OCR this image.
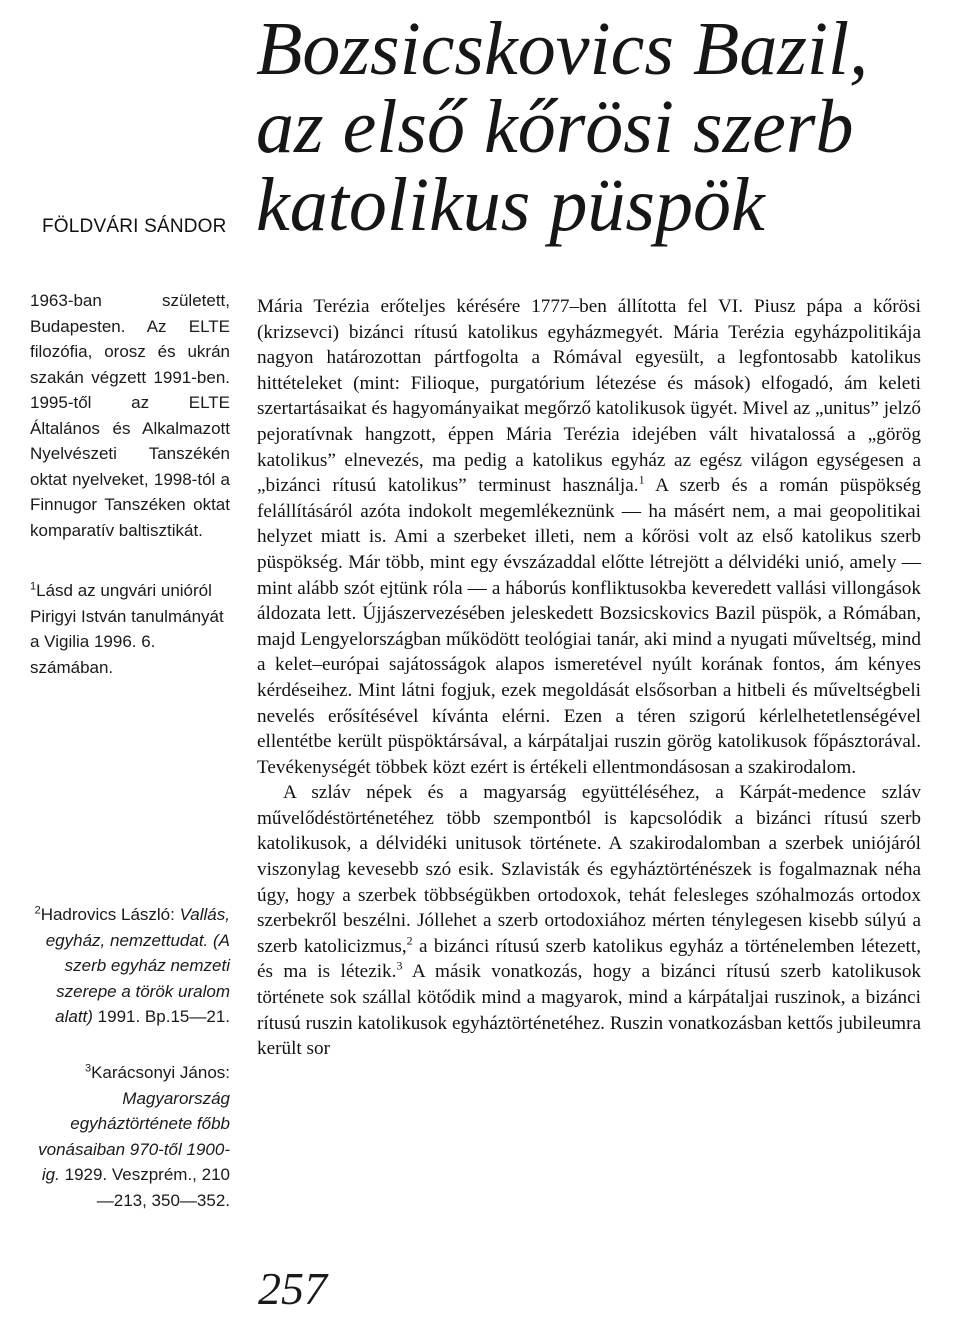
FÖLDVÁRI SÁNDOR
Bozsicskovics Bazil,
az első kőrösi szerb
katolikus püspök
1963-ban született, Budapesten. Az ELTE filozófia, orosz és ukrán szakán végzett 1991-ben. 1995-től az ELTE Általános és Alkalmazott Nyelvészeti Tanszékén oktat nyelveket, 1998-tól a Finnugor Tanszéken oktat komparatív baltisztikát.
$^1$Lásd az ungvári unióról Pirigyi István tanulmányát a Vigilia 1996. 6. számában.
$^2$Hadrovics László: Vallás, egyház, nemzettudat. (A szerb egyház nemzeti szerepe a török uralom alatt) 1991. Bp.15—21.
$^3$Karácsonyi János: Magyarország egyháztörténete főbb vonásaiban 970-től 1900-ig. 1929. Veszprém., 210—213, 350—352.

Mária Terézia erőteljes kérésére 1777–ben állította fel VI. Piusz pápa a kőrösi (krizsevci) bizánci rítusú katolikus egyházmegyét. Mária Terézia egyházpolitikája nagyon határozottan pártfogolta a Rómával egyesült, a legfontosabb katolikus hittételeket (mint: Filioque, purgatórium létezése és mások) elfogadó, ám keleti szertartásaikat és hagyományaikat megőrző katolikusok ügyét. Mivel az „unitus” jelző pejoratívnak hangzott, éppen Mária Terézia idejében vált hivatalossá a „görög katolikus” elnevezés, ma pedig a katolikus egyház az egész világon egységesen a „bizánci rítusú katolikus” terminust használja.$^1$ A szerb és a román püspökség felállításáról azóta indokolt megemlékeznünk — ha másért nem, a mai geopolitikai helyzet miatt is. Ami a szerbeket illeti, nem a kőrösi volt az első katolikus szerb püspökség. Már több, mint egy évszázaddal előtte létrejött a délvidéki unió, amely — mint alább szót ejtünk róla — a háborús konfliktusokba keveredett vallási villongások áldozata lett. Újjászervezésében jeleskedett Bozsicskovics Bazil püspök, a Rómában, majd Lengyelországban működött teológiai tanár, aki mind a nyugati műveltség, mind a kelet–európai sajátosságok alapos ismeretével nyúlt korának fontos, ám kényes kérdéseihez. Mint látni fogjuk, ezek megoldását elsősorban a hitbeli és műveltségbeli nevelés erősítésével kívánta elérni. Ezen a téren szigorú kérlelhetetlenségével ellentétbe került püspöktársával, a kárpátaljai ruszin görög katolikusok főpásztorával. Tevékenységét többek közt ezért is értékeli ellentmondásosan a szakirodalom.

A szláv népek és a magyarság együttéléséhez, a Kárpát-medence szláv művelődéstörténetéhez több szempontból is kapcsolódik a bizánci rítusú szerb katolikusok, a délvidéki unitusok története. A szakirodalomban a szerbek uniójáról viszonylag kevesebb szó esik. Szlavisták és egyháztörténészek is fogalmaznak néha úgy, hogy a szerbek többségükben ortodoxok, tehát felesleges szóhalmozás ortodox szerbekről beszélni. Jóllehet a szerb ortodoxiához mérten ténylegesen kisebb súlyú a szerb katolicizmus,$^2$ a bizánci rítusú szerb katolikus egyház a történelemben létezett, és ma is létezik.$^3$ A másik vonatkozás, hogy a bizánci rítusú szerb katolikusok története sok szállal kötődik mind a magyarok, mind a kárpátaljai ruszinok, a bizánci rítusú ruszin katolikusok egyháztörténetéhez. Ruszin vonatkozásban kettős jubileumra került sor

257
